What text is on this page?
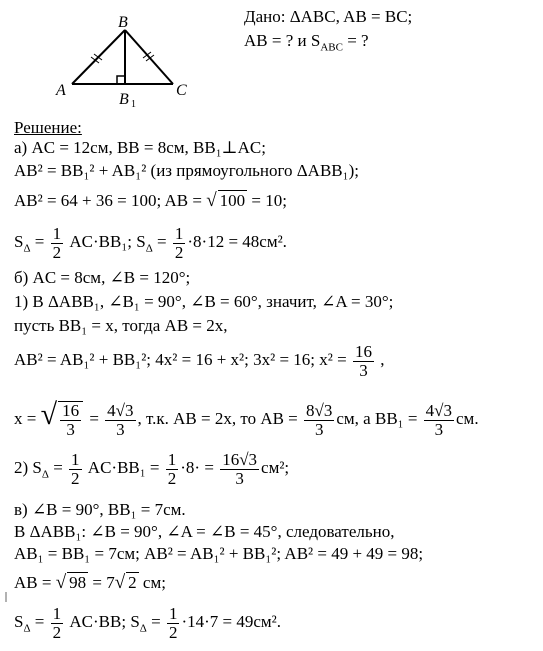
B
A	C
B 1
Дано: ΔABC, AB = BC;
AB = ? и $S_{ABC}$ = ?
Решение:
а) AC = 12см, BB = 8см, BB₁⊥AC;
AB² = BB₁² + AB₁² (из прямоугольного ΔABB₁);
AB² = 64 + 36 = 100; AB = √ 100 = 10;
$S_\Delta = \frac{1}{2} AC\cdot BB_1$; $S_\Delta = \frac{1}{2} \cdot 8\cdot 12 = 48см^2$.
б) AC = 8см, ∠B = 120°;
1) В ΔABB₁, ∠B₁ = 90°, ∠B = 60°, значит, ∠A = 30°;
пусть BB₁ = x, тогда AB = 2x,
AB² = AB₁² + BB₁²; 4x² = 16 + x²; 3x² = 16; $x^2 = \frac{16}{3}$ ,
x = √ $\frac{16}{3} = \frac{4√3}{3}$ , т.к. AB = 2x, то AB = $\frac{8√3}{3}$ см, а $BB_1 = \frac{4√3}{3}$ см.
2) $S_\Delta = \frac{1}{2} AC\cdot BB_1 = \frac{1}{2} \cdot 8\cdot = \frac{16√3}{3} см^2$;
в) ∠B = 90°, BB₁ = 7см.
В ΔABB₁: ∠B = 90°, ∠A = ∠B = 45°, следовательно,
AB₁ = BB₁ = 7см; AB² = AB₁² + BB₁²; AB² = 49 + 49 = 98;
AB = √ 98 = 7√ 2 см;
$S_\Delta = \frac{1}{2} AC\cdot BB$; $S_\Delta = \frac{1}{2} \cdot 14\cdot 7 = 49см^2$.
